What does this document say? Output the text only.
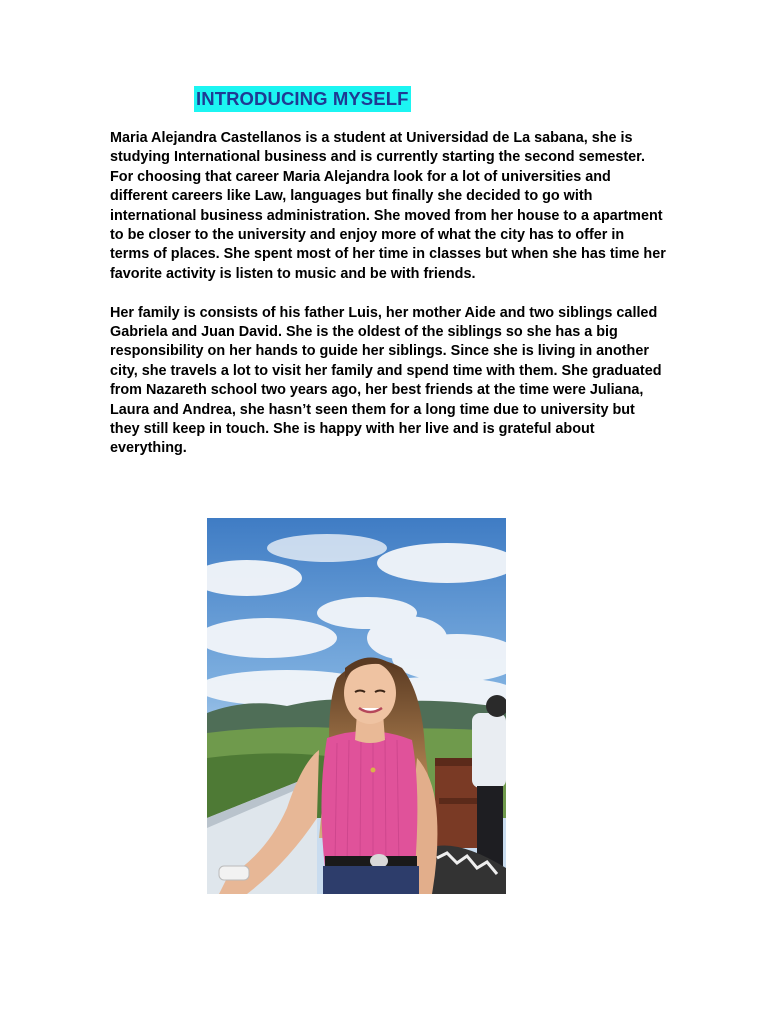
INTRODUCING MYSELF

Maria Alejandra Castellanos is a student at Universidad de La sabana, she is studying International business and is currently starting the second semester. For choosing that career Maria Alejandra look for a lot of universities and different careers like Law, languages but finally she decided to go with international business administration. She moved from her house to a apartment to be closer to the university and enjoy more of what the city has to offer in terms of places. She spent most of her time in classes but when she has time her favorite activity is listen to music and be with friends.

Her family is consists of his father Luis, her mother Aide and two siblings called Gabriela and Juan David. She is the oldest of the siblings so she has a big responsibility on her hands to guide her siblings. Since she is living in another city, she travels a lot to visit her family and spend time with them. She graduated from Nazareth school two years ago, her best friends at the time were Juliana, Laura and Andrea, she hasn’t seen them for a long time due to university but they still keep in touch. She is happy with her live and is grateful about everything.
